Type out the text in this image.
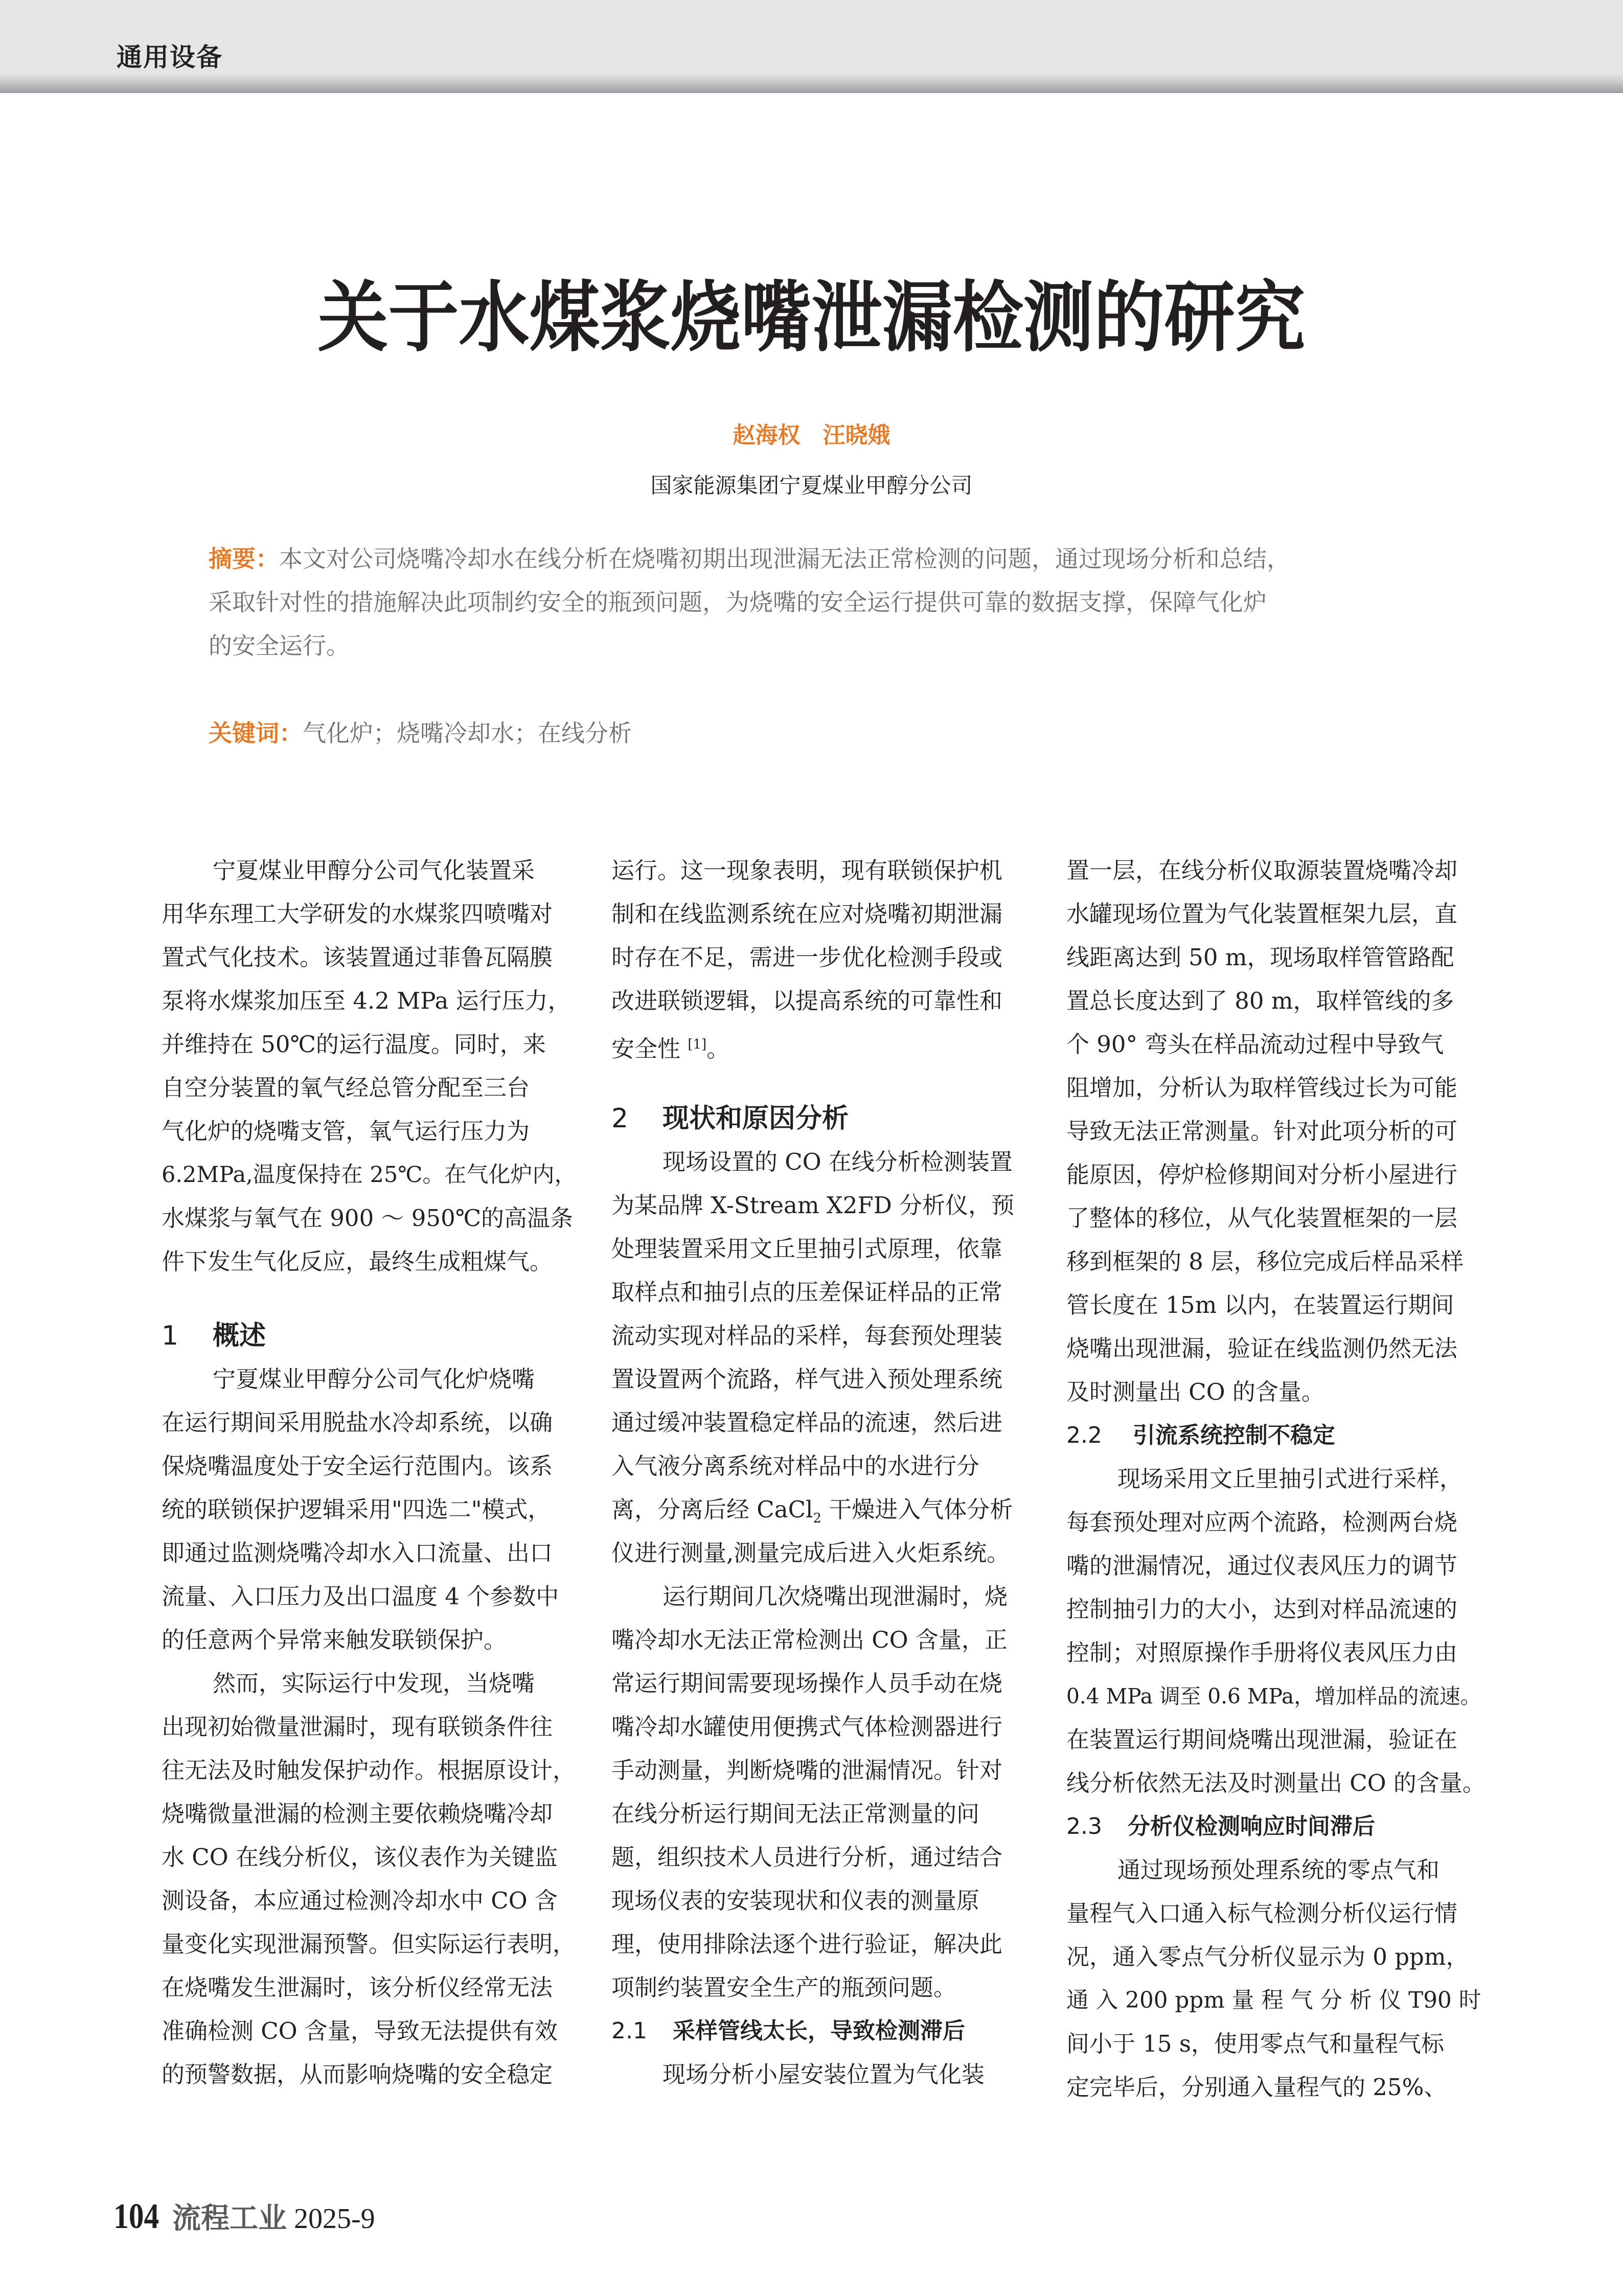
通用设备
关于水煤浆烧嘴泄漏检测的研究
赵海权 汪晓娥
国家能源集团宁夏煤业甲醇分公司
摘要：本文对公司烧嘴冷却水在线分析在烧嘴初期出现泄漏无法正常检测的问题，通过现场分析和总结，
采取针对性的措施解决此项制约安全的瓶颈问题，为烧嘴的安全运行提供可靠的数据支撑，保障气化炉
的安全运行。
关键词：气化炉；烧嘴冷却水；在线分析
宁夏煤业甲醇分公司气化装置采
用华东理工大学研发的水煤浆四喷嘴对
置式气化技术。该装置通过菲鲁瓦隔膜
泵将水煤浆加压至 4.2 MPa 运行压力，
并维持在 50℃的运行温度。同时，来
自空分装置的氧气经总管分配至三台
气化炉的烧嘴支管，氧气运行压力为
6.2MPa,温度保持在 25℃。在气化炉内，
水煤浆与氧气在 900 ～ 950℃的高温条
件下发生气化反应，最终生成粗煤气。
1 概述
宁夏煤业甲醇分公司气化炉烧嘴
在运行期间采用脱盐水冷却系统，以确
保烧嘴温度处于安全运行范围内。该系
统的联锁保护逻辑采用"四选二"模式，
即通过监测烧嘴冷却水入口流量、出口
流量、入口压力及出口温度 4 个参数中
的任意两个异常来触发联锁保护。
然而，实际运行中发现，当烧嘴
出现初始微量泄漏时，现有联锁条件往
往无法及时触发保护动作。根据原设计，
烧嘴微量泄漏的检测主要依赖烧嘴冷却
水 CO 在线分析仪，该仪表作为关键监
测设备，本应通过检测冷却水中 CO 含
量变化实现泄漏预警。但实际运行表明，
在烧嘴发生泄漏时，该分析仪经常无法
准确检测 CO 含量，导致无法提供有效
的预警数据，从而影响烧嘴的安全稳定
运行。这一现象表明，现有联锁保护机
制和在线监测系统在应对烧嘴初期泄漏
时存在不足，需进一步优化检测手段或
改进联锁逻辑，以提高系统的可靠性和
安全性 [1]。
2 现状和原因分析
现场设置的 CO 在线分析检测装置
为某品牌 X-Stream X2FD 分析仪，预
处理装置采用文丘里抽引式原理，依靠
取样点和抽引点的压差保证样品的正常
流动实现对样品的采样，每套预处理装
置设置两个流路，样气进入预处理系统
通过缓冲装置稳定样品的流速，然后进
入气液分离系统对样品中的水进行分
离，分离后经 CaCl$_2$ 干燥进入气体分析
仪进行测量,测量完成后进入火炬系统。
运行期间几次烧嘴出现泄漏时，烧
嘴冷却水无法正常检测出 CO 含量，正
常运行期间需要现场操作人员手动在烧
嘴冷却水罐使用便携式气体检测器进行
手动测量，判断烧嘴的泄漏情况。针对
在线分析运行期间无法正常测量的问
题，组织技术人员进行分析，通过结合
现场仪表的安装现状和仪表的测量原
理，使用排除法逐个进行验证，解决此
项制约装置安全生产的瓶颈问题。
2.1 采样管线太长，导致检测滞后
现场分析小屋安装位置为气化装
置一层，在线分析仪取源装置烧嘴冷却
水罐现场位置为气化装置框架九层，直
线距离达到 50 m，现场取样管管路配
置总长度达到了 80 m，取样管线的多
个 90° 弯头在样品流动过程中导致气
阻增加，分析认为取样管线过长为可能
导致无法正常测量。针对此项分析的可
能原因，停炉检修期间对分析小屋进行
了整体的移位，从气化装置框架的一层
移到框架的 8 层，移位完成后样品采样
管长度在 15m 以内，在装置运行期间
烧嘴出现泄漏，验证在线监测仍然无法
及时测量出 CO 的含量。
2.2 引流系统控制不稳定
现场采用文丘里抽引式进行采样，
每套预处理对应两个流路，检测两台烧
嘴的泄漏情况，通过仪表风压力的调节
控制抽引力的大小，达到对样品流速的
控制；对照原操作手册将仪表风压力由
0.4 MPa 调至 0.6 MPa，增加样品的流速。
在装置运行期间烧嘴出现泄漏，验证在
线分析依然无法及时测量出 CO 的含量。
2.3 分析仪检测响应时间滞后
通过现场预处理系统的零点气和
量程气入口通入标气检测分析仪运行情
况，通入零点气分析仪显示为 0 ppm，
通 入 200 ppm 量 程 气 分 析 仪 T90 时
间小于 15 s，使用零点气和量程气标
定完毕后，分别通入量程气的 25%、
104 流程工业 2025-9
